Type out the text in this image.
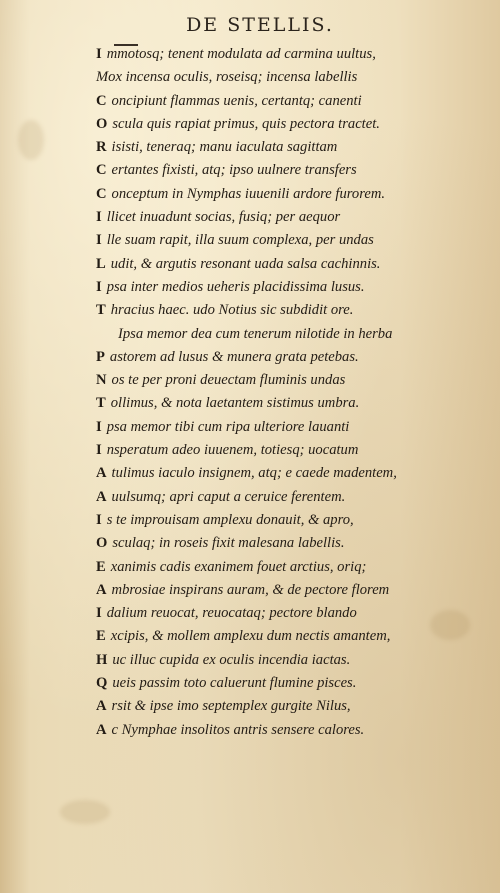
DE STELLIS.
I mmotosq; tenent modulata ad carmina uultus,
Mox incensa oculis, roseisq; incensa labellis
C oncipiunt flammas uenis, certantq; canenti
O scula quis rapiat primus, quis pectora tractet.
R isisti, teneraq; manu iaculata sagittam
C ertantes fixisti, atq; ipso uulnere transfers
C onceptum in Nymphas iuuenili ardore furorem.
I llicet inuadunt socias, fusiq; per aequor
I lle suam rapit, illa suum complexa, per undas
L udit, & argutis resonant uada salsa cachinnis.
I psa inter medios ueheris placidissima lusus.
T hracius haec. udo Notius sic subdidit ore.
Ipsa memor dea cum tenerum nilotide in herba
P astorem ad lusus & munera grata petebas.
N os te per proni deuectam fluminis undas
T ollimus, & nota laetantem sistimus umbra.
I psa memor tibi cum ripa ulteriore lauanti
I nsperatum adeo iuuenem, totiesq; uocatum
A tulimus iaculo insignem, atq; e caede madentem,
A uulsumq; apri caput a ceruice ferentem.
I s te improuisam amplexu donauit, & apro,
O sculaq; in roseis fixit malesana labellis.
E xanimis cadis exanimem fouet arctius, oriq;
A mbrosiae inspirans auram, & de pectore florem
I dalium reuocat, reuocataq; pectore blando
E xcipis, & mollem amplexu dum nectis amantem,
H uc illuc cupida ex oculis incendia iactas.
Q ueis passim toto caluerunt flumine pisces.
A rsit & ipse imo septemplex gurgite Nilus,
A c Nymphae insolitos antris sensere calores.
